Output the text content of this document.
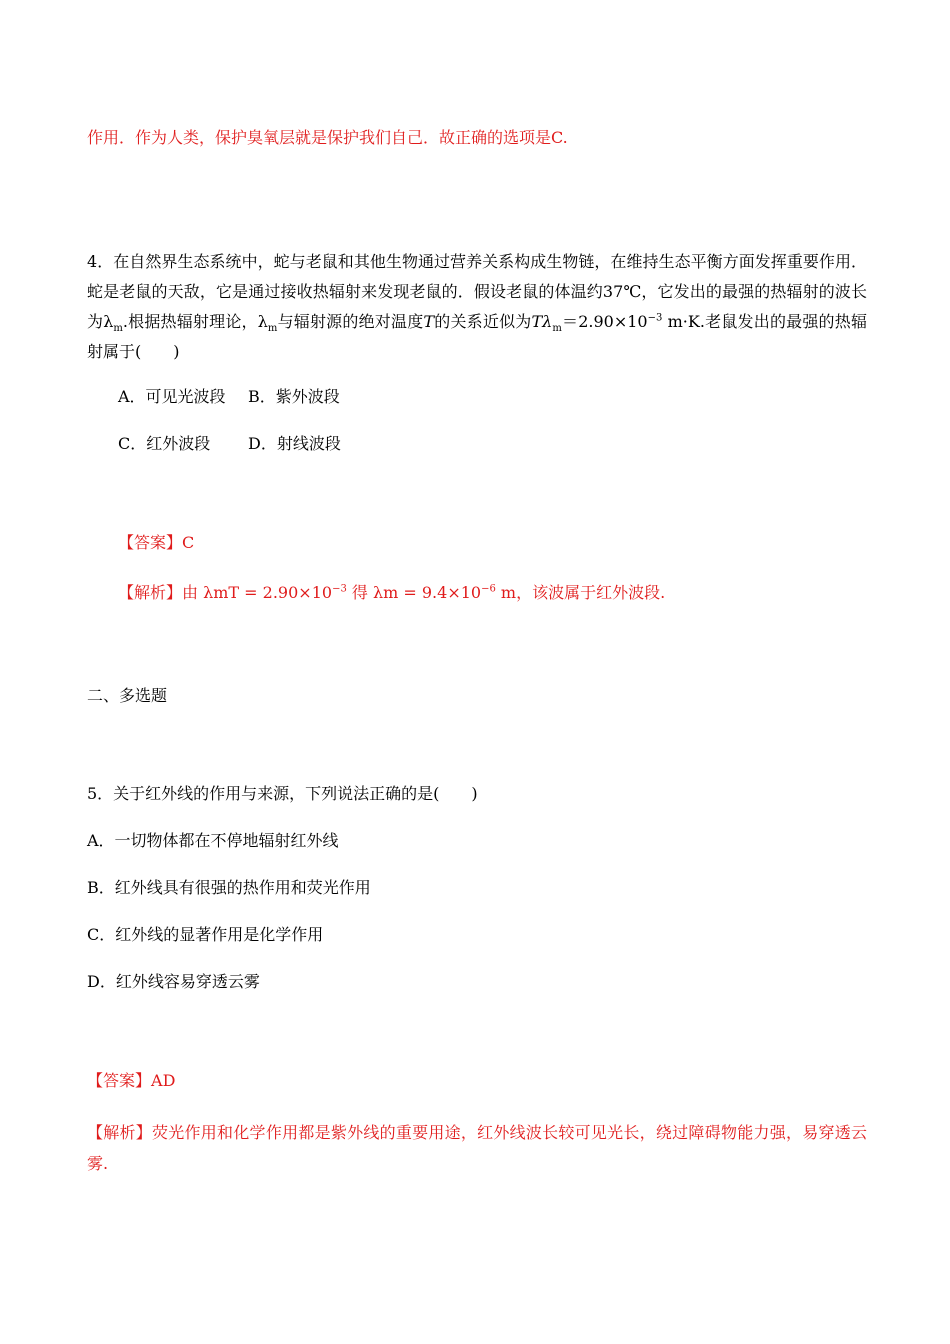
作用．作为人类，保护臭氧层就是保护我们自己．故正确的选项是C.
4．在自然界生态系统中，蛇与老鼠和其他生物通过营养关系构成生物链，在维持生态平衡方面发挥重要作用．蛇是老鼠的天敌，它是通过接收热辐射来发现老鼠的．假设老鼠的体温约37℃，它发出的最强的热辐射的波长为$\lambda_m$.根据热辐射理论，$\lambda_m$与辐射源的绝对温度T的关系近似为$T\lambda_m=2.90\times 10^{-3}$ m·K.老鼠发出的最强的热辐射属于(　　)
A．可见光波段 B．紫外波段
C．红外波段 D．射线波段
【答案】C
【解析】由 $\lambda mT = 2.90\times 10^{-3}$ 得 $\lambda m = 9.4\times 10^{-6}$ m，该波属于红外波段.
二、多选题
5．关于红外线的作用与来源，下列说法正确的是(　　)
A．一切物体都在不停地辐射红外线
B．红外线具有很强的热作用和荧光作用
C．红外线的显著作用是化学作用
D．红外线容易穿透云雾
【答案】AD
【解析】荧光作用和化学作用都是紫外线的重要用途，红外线波长较可见光长，绕过障碍物能力强，易穿透云雾.
